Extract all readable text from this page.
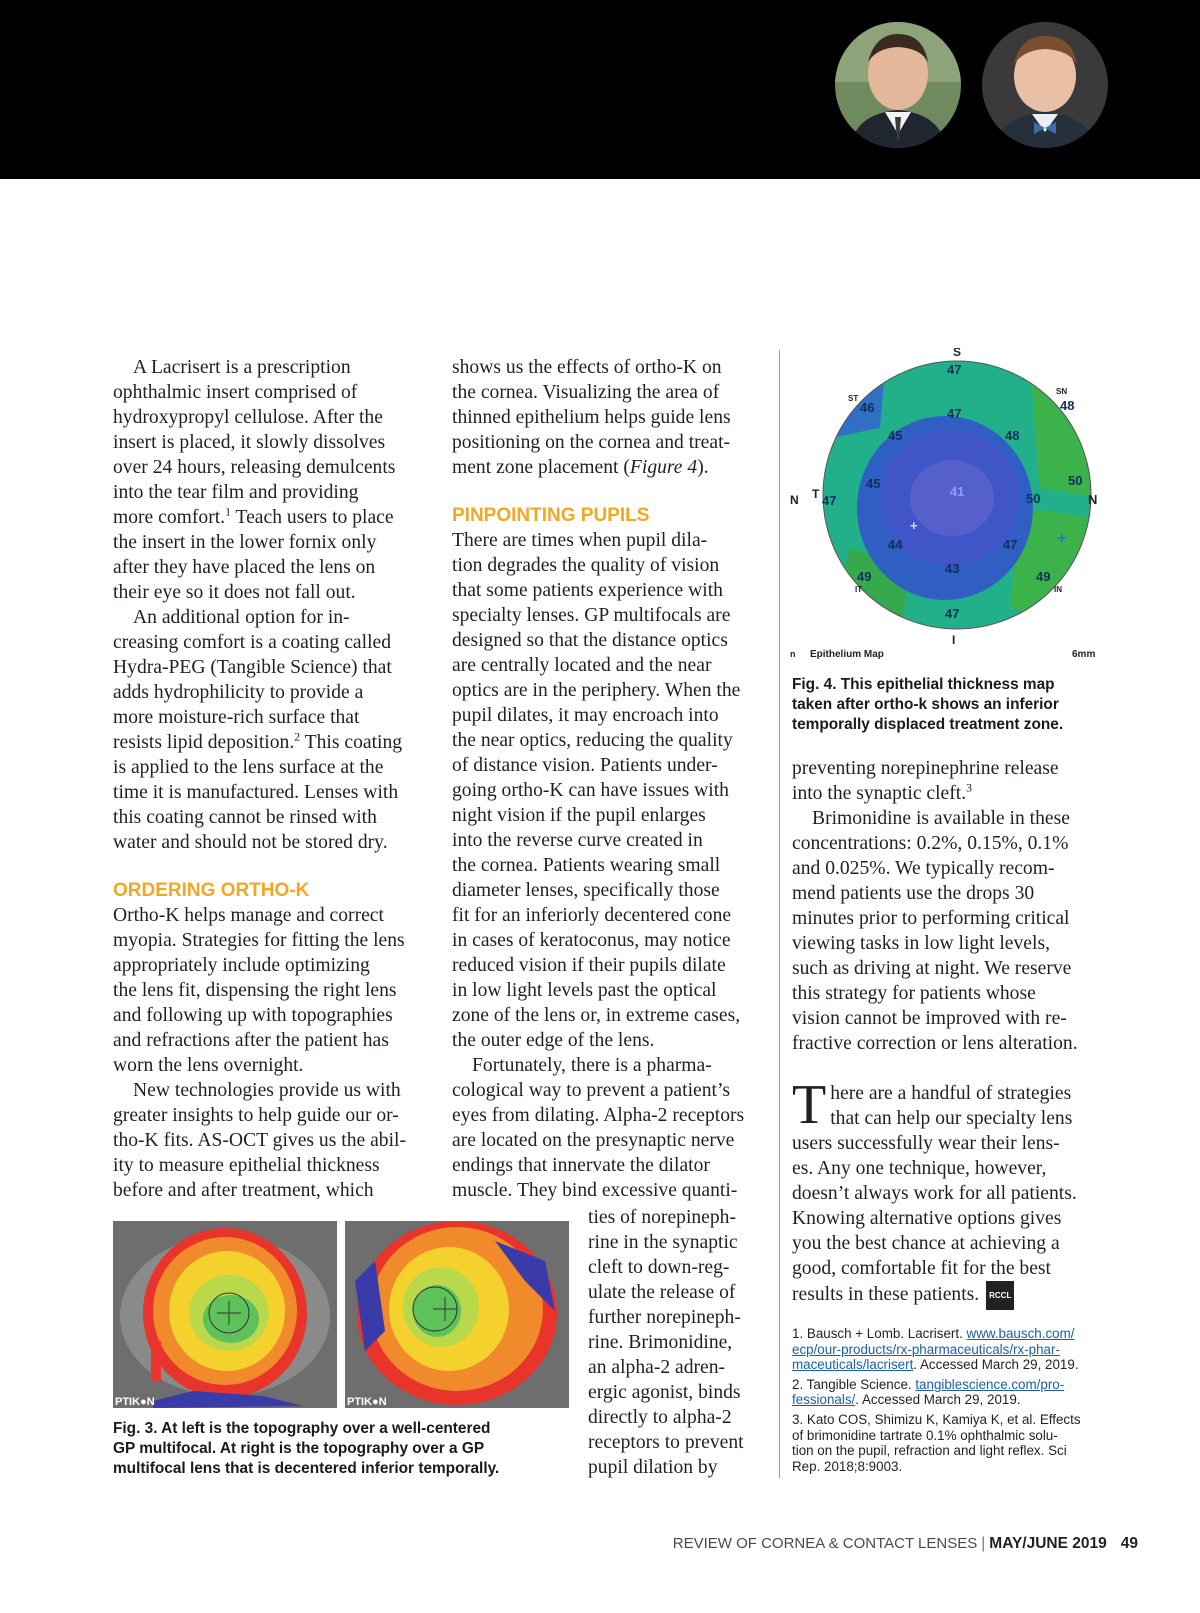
A Lacrisert is a prescription
ophthalmic insert comprised of
hydroxypropyl cellulose. After the
insert is placed, it slowly dissolves
over 24 hours, releasing demulcents
into the tear film and providing
more comfort.$^1$ Teach users to place
the insert in the lower fornix only
after they have placed the lens on
their eye so it does not fall out.

An additional option for in-
creasing comfort is a coating called
Hydra-PEG (Tangible Science) that
adds hydrophilicity to provide a
more moisture-rich surface that
resists lipid deposition.$^2$ This coating
is applied to the lens surface at the
time it is manufactured. Lenses with
this coating cannot be rinsed with
water and should not be stored dry.

ORDERING ORTHO-K

Ortho-K helps manage and correct
myopia. Strategies for fitting the lens
appropriately include optimizing
the lens fit, dispensing the right lens
and following up with topographies
and refractions after the patient has
worn the lens overnight.

New technologies provide us with
greater insights to help guide our or-
tho-K fits. AS-OCT gives us the abil-
ity to measure epithelial thickness
before and after treatment, which

shows us the effects of ortho-K on
the cornea. Visualizing the area of
thinned epithelium helps guide lens
positioning on the cornea and treat-
ment zone placement (Figure 4).

PINPOINTING PUPILS

There are times when pupil dila-
tion degrades the quality of vision
that some patients experience with
specialty lenses. GP multifocals are
designed so that the distance optics
are centrally located and the near
optics are in the periphery. When the
pupil dilates, it may encroach into
the near optics, reducing the quality
of distance vision. Patients under-
going ortho-K can have issues with
night vision if the pupil enlarges
into the reverse curve created in
the cornea. Patients wearing small
diameter lenses, specifically those
fit for an inferiorly decentered cone
in cases of keratoconus, may notice
reduced vision if their pupils dilate
in low light levels past the optical
zone of the lens or, in extreme cases,
the outer edge of the lens.

Fortunately, there is a pharma-
cological way to prevent a patient’s
eyes from dilating. Alpha-2 receptors
are located on the presynaptic nerve
endings that innervate the dilator
muscle. They bind excessive quanti-

ties of norepineph-
rine in the synaptic
cleft to down-reg-
ulate the release of
further norepineph-
rine. Brimonidine,
an alpha-2 adren-
ergic agonist, binds
directly to alpha-2
receptors to prevent
pupil dilation by

S
I
N
T
N
ST
SN
IT	IN
47
46	48
47
45	48
45
41	50
50
47
44	47
43
49	49
47
+
+
n Epithelium Map	6mm
Fig. 4. This epithelial thickness map
taken after ortho-k shows an inferior
temporally displaced treatment zone.

preventing norepinephrine release
into the synaptic cleft.$^3$

Brimonidine is available in these
concentrations: 0.2%, 0.15%, 0.1%
and 0.025%. We typically recom-
mend patients use the drops 30
minutes prior to performing critical
viewing tasks in low light levels,
such as driving at night. We reserve
this strategy for patients whose
vision cannot be improved with re-
fractive correction or lens alteration.

T here are a handful of strategies
that can help our specialty lens
users successfully wear their lens-
es. Any one technique, however,
doesn’t always work for all patients.
Knowing alternative options gives
you the best chance at achieving a
good, comfortable fit for the best
results in these patients. RCCL

1. Bausch + Lomb. Lacrisert. www.bausch.com/
ecp/our-products/rx-pharmaceuticals/rx-phar-
maceuticals/lacrisert. Accessed March 29, 2019.

2. Tangible Science. tangiblescience.com/pro-
fessionals/. Accessed March 29, 2019.

3. Kato COS, Shimizu K, Kamiya K, et al. Effects
of brimonidine tartrate 0.1% ophthalmic solu-
tion on the pupil, refraction and light reflex. Sci
Rep. 2018;8:9003.

PTIK●N	PTIK●N
Fig. 3. At left is the topography over a well-centered
GP multifocal. At right is the topography over a GP
multifocal lens that is decentered inferior temporally.
REVIEW OF CORNEA & CONTACT LENSES | MAY/JUNE 2019 49
